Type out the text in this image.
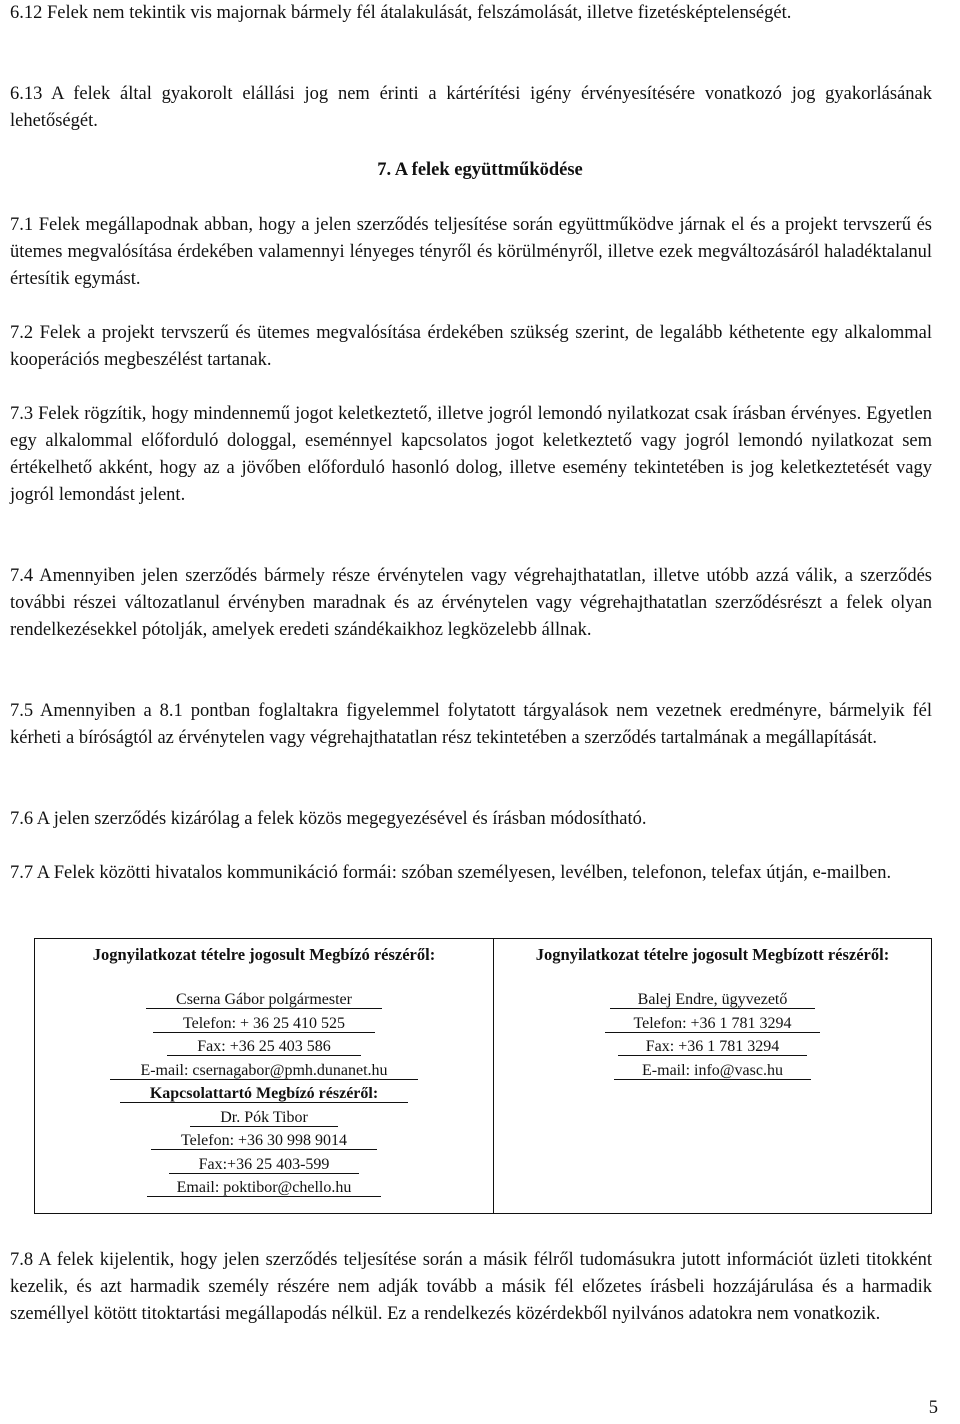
6.12 Felek nem tekintik vis majornak bármely fél átalakulását, felszámolását, illetve fizetésképtelenségét.

6.13 A felek által gyakorolt elállási jog nem érinti a kártérítési igény érvényesítésére vonatkozó jog gyakorlásának lehetőségét.

7. A felek együttműködése

7.1 Felek megállapodnak abban, hogy a jelen szerződés teljesítése során együttműködve járnak el és a projekt tervszerű és ütemes megvalósítása érdekében valamennyi lényeges tényről és körülményről, illetve ezek megváltozásáról haladéktalanul értesítik egymást.

7.2 Felek a projekt tervszerű és ütemes megvalósítása érdekében szükség szerint, de legalább kéthetente egy alkalommal kooperációs megbeszélést tartanak.

7.3 Felek rögzítik, hogy mindennemű jogot keletkeztető, illetve jogról lemondó nyilatkozat csak írásban érvényes. Egyetlen egy alkalommal előforduló dologgal, eseménnyel kapcsolatos jogot keletkeztető vagy jogról lemondó nyilatkozat sem értékelhető akként, hogy az a jövőben előforduló hasonló dolog, illetve esemény tekintetében is jog keletkeztetését vagy jogról lemondást jelent.

7.4 Amennyiben jelen szerződés bármely része érvénytelen vagy végrehajthatatlan, illetve utóbb azzá válik, a szerződés további részei változatlanul érvényben maradnak és az érvénytelen vagy végrehajthatatlan szerződésrészt a felek olyan rendelkezésekkel pótolják, amelyek eredeti szándékaikhoz legközelebb állnak.

7.5 Amennyiben a 8.1 pontban foglaltakra figyelemmel folytatott tárgyalások nem vezetnek eredményre, bármelyik fél kérheti a bíróságtól az érvénytelen vagy végrehajthatatlan rész tekintetében a szerződés tartalmának a megállapítását.

7.6 A jelen szerződés kizárólag a felek közös megegyezésével és írásban módosítható.

7.7 A Felek közötti hivatalos kommunikáció formái: szóban személyesen, levélben, telefonon, telefax útján, e-mailben.

Jognyilatkozat tételre jogosult Megbízó részéről:
Cserna Gábor polgármester
Telefon: + 36 25 410 525
Fax: +36 25 403 586
E-mail: csernagabor@pmh.dunanet.hu
Kapcsolattartó Megbízó részéről:
Dr. Pók Tibor
Telefon: +36 30 998 9014
Fax:+36 25 403-599
Email: poktibor@chello.hu
Jognyilatkozat tételre jogosult Megbízott részéről:
Balej Endre, ügyvezető
Telefon: +36 1 781 3294
Fax: +36 1 781 3294
E-mail: info@vasc.hu

7.8 A felek kijelentik, hogy jelen szerződés teljesítése során a másik félről tudomásukra jutott információt üzleti titokként kezelik, és azt harmadik személy részére nem adják tovább a másik fél előzetes írásbeli hozzájárulása és a harmadik személlyel kötött titoktartási megállapodás nélkül. Ez a rendelkezés közérdekből nyilvános adatokra nem vonatkozik.

5
